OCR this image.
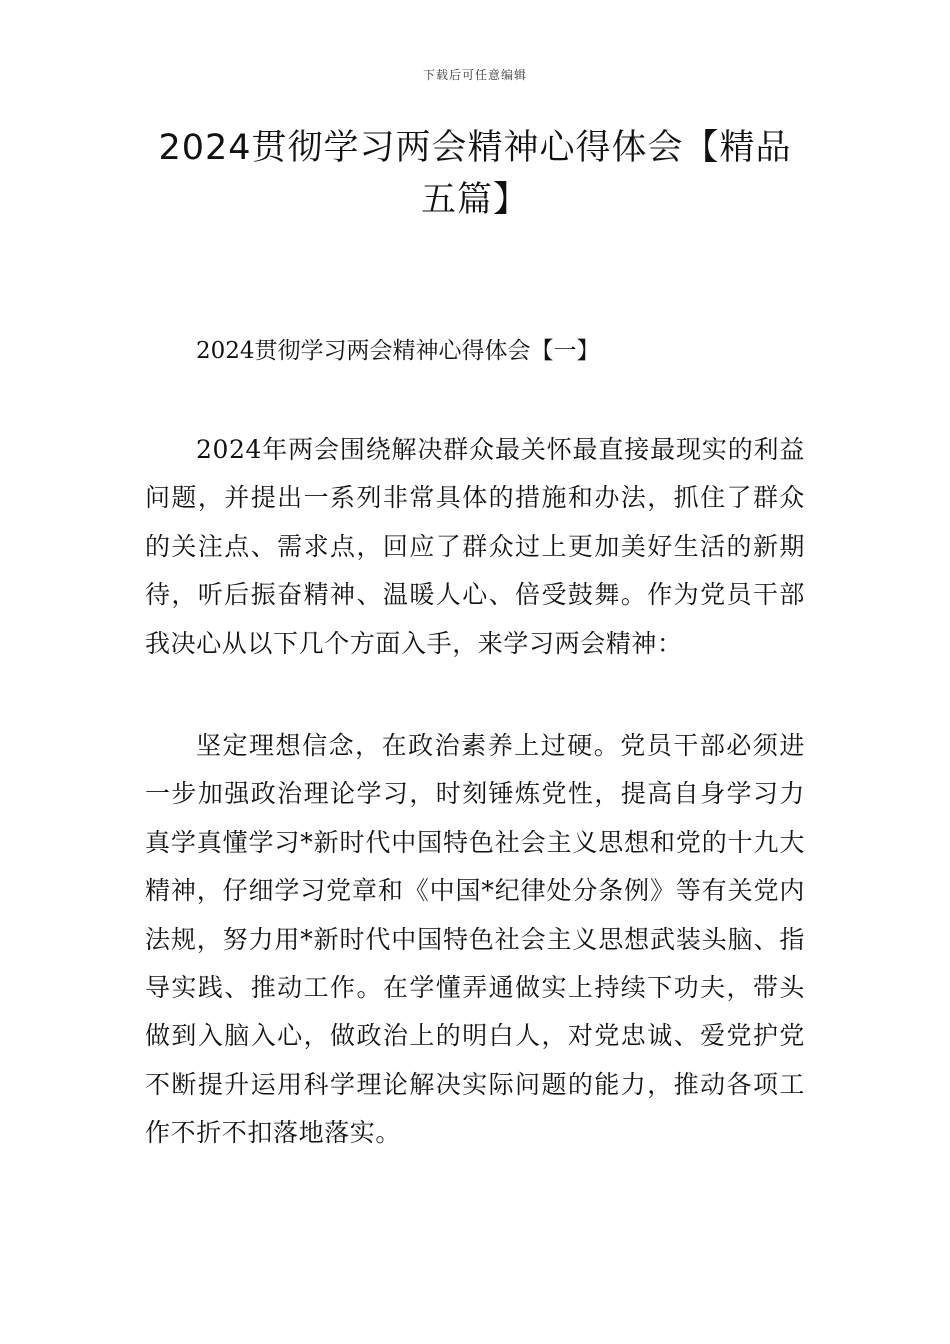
下载后可任意编辑
2024贯彻学习两会精神心得体会【精品五篇】
2024贯彻学习两会精神心得体会【一】

2024年两会围绕解决群众最关怀最直接最现实的利益问题，并提出一系列非常具体的措施和办法，抓住了群众的关注点、需求点，回应了群众过上更加美好生活的新期待，听后振奋精神、温暖人心、倍受鼓舞。作为党员干部我决心从以下几个方面入手，来学习两会精神：

坚定理想信念，在政治素养上过硬。党员干部必须进一步加强政治理论学习，时刻锤炼党性，提高自身学习力真学真懂学习*新时代中国特色社会主义思想和党的十九大精神，仔细学习党章和《中国*纪律处分条例》等有关党内法规，努力用*新时代中国特色社会主义思想武装头脑、指导实践、推动工作。在学懂弄通做实上持续下功夫，带头做到入脑入心，做政治上的明白人，对党忠诚、爱党护党不断提升运用科学理论解决实际问题的能力，推动各项工作不折不扣落地落实。
